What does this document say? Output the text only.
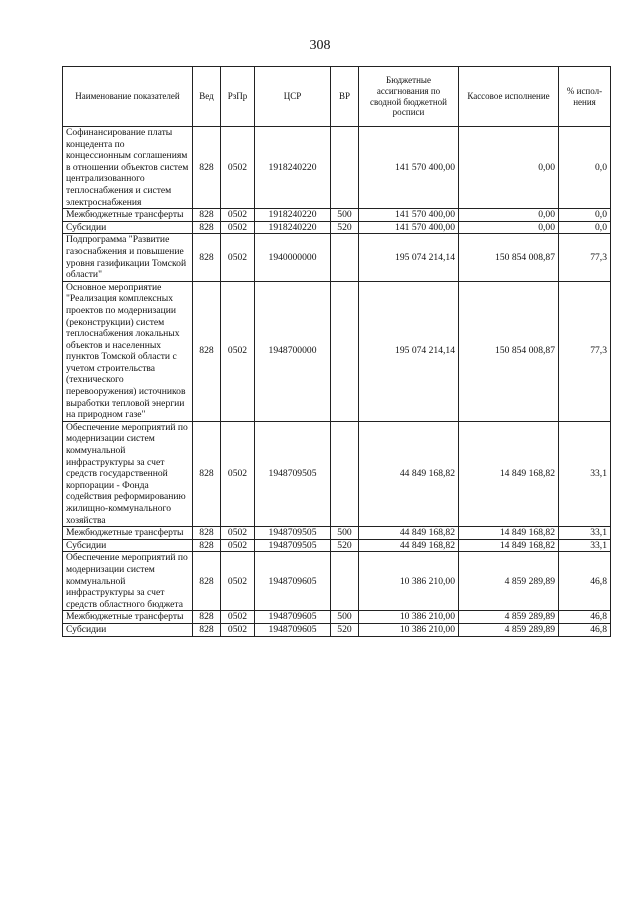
308
Наименование показателей	Вед	РзПр	ЦСР	ВР	Бюджетные ассигнования по сводной бюджетной росписи	Кассовое исполнение	% испол-нения
Софинансирование платы концедента по концессионным соглашениям в отношении объектов систем централизованного теплоснабжения и систем электроснабжения	828	0502	1918240220		141 570 400,00	0,00	0,0
Межбюджетные трансферты	828	0502	1918240220	500	141 570 400,00	0,00	0,0
Субсидии	828	0502	1918240220	520	141 570 400,00	0,00	0,0
Подпрограмма "Развитие газоснабжения и повышение уровня газификации Томской области"	828	0502	1940000000		195 074 214,14	150 854 008,87	77,3
Основное мероприятие "Реализация комплексных проектов по модернизации (реконструкции) систем теплоснабжения локальных объектов и населенных пунктов Томской области с учетом строительства (технического перевооружения) источников выработки тепловой энергии на природном газе"	828	0502	1948700000		195 074 214,14	150 854 008,87	77,3
Обеспечение мероприятий по модернизации систем коммунальной инфраструктуры за счет средств государственной корпорации - Фонда содействия реформированию жилищно-коммунального хозяйства	828	0502	1948709505		44 849 168,82	14 849 168,82	33,1
Межбюджетные трансферты	828	0502	1948709505	500	44 849 168,82	14 849 168,82	33,1
Субсидии	828	0502	1948709505	520	44 849 168,82	14 849 168,82	33,1
Обеспечение мероприятий по модернизации систем коммунальной инфраструктуры за счет средств областного бюджета	828	0502	1948709605		10 386 210,00	4 859 289,89	46,8
Межбюджетные трансферты	828	0502	1948709605	500	10 386 210,00	4 859 289,89	46,8
Субсидии	828	0502	1948709605	520	10 386 210,00	4 859 289,89	46,8
